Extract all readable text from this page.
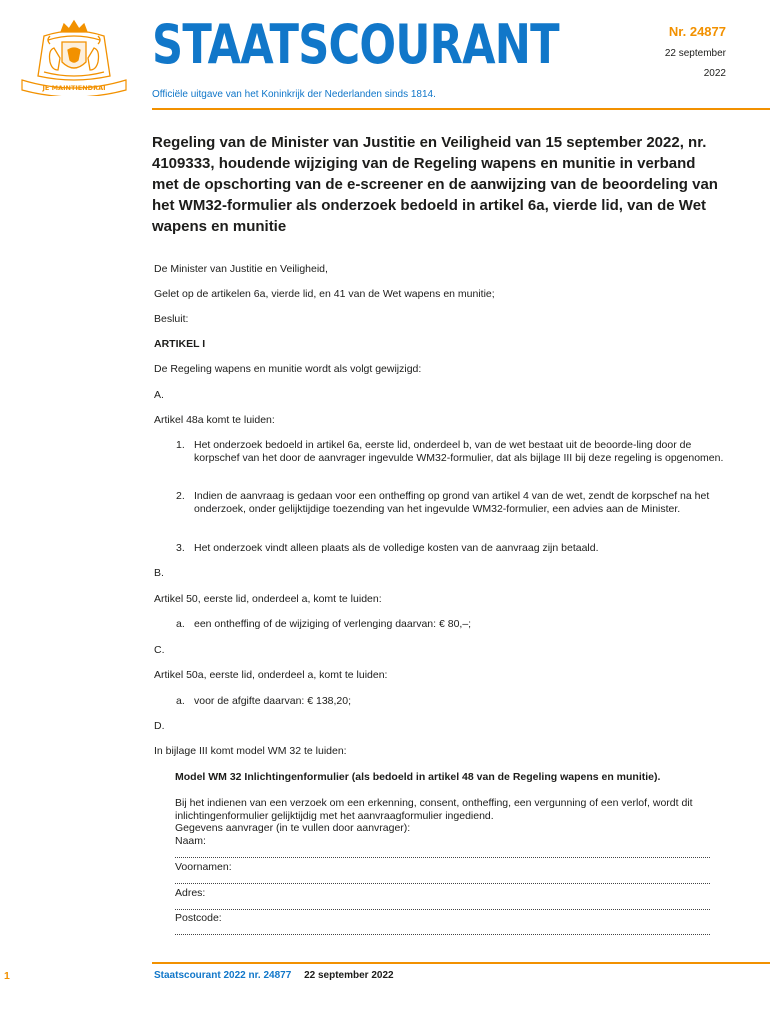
JE MAINTIENDRAI
STAATSCOURANT	Nr. 24877
22 september
2022
Officiële uitgave van het Koninkrijk der Nederlanden sinds 1814.
Regeling van de Minister van Justitie en Veiligheid van 15 september 2022, nr. 4109333, houdende wijziging van de Regeling wapens en munitie in verband met de opschorting van de e-screener en de aanwijzing van de beoordeling van het WM32-formulier als onderzoek bedoeld in artikel 6a, vierde lid, van de Wet wapens en munitie

De Minister van Justitie en Veiligheid,

Gelet op de artikelen 6a, vierde lid, en 41 van de Wet wapens en munitie;

Besluit:

ARTIKEL I

De Regeling wapens en munitie wordt als volgt gewijzigd:

A.

Artikel 48a komt te luiden:

1. Het onderzoek bedoeld in artikel 6a, eerste lid, onderdeel b, van de wet bestaat uit de beoorde-ling door de korpschef van het door de aanvrager ingevulde WM32-formulier, dat als bijlage III bij deze regeling is opgenomen.
2. Indien de aanvraag is gedaan voor een ontheffing op grond van artikel 4 van de wet, zendt de korpschef na het onderzoek, onder gelijktijdige toezending van het ingevulde WM32-formulier, een advies aan de Minister.
3. Het onderzoek vindt alleen plaats als de volledige kosten van de aanvraag zijn betaald.

B.

Artikel 50, eerste lid, onderdeel a, komt te luiden:

a. een ontheffing of de wijziging of verlenging daarvan: € 80,–;

C.

Artikel 50a, eerste lid, onderdeel a, komt te luiden:

a. voor de afgifte daarvan: € 138,20;

D.

In bijlage III komt model WM 32 te luiden:

Model WM 32 Inlichtingenformulier (als bedoeld in artikel 48 van de Regeling wapens en munitie).
Bij het indienen van een verzoek om een erkenning, consent, ontheffing, een vergunning of een verlof, wordt dit inlichtingenformulier gelijktijdig met het aanvraagformulier ingediend.
Gegevens aanvrager (in te vullen door aanvrager):
Naam:
Voornamen:
Adres:
Postcode:
1	Staatscourant 2022 nr. 24877 22 september 2022
